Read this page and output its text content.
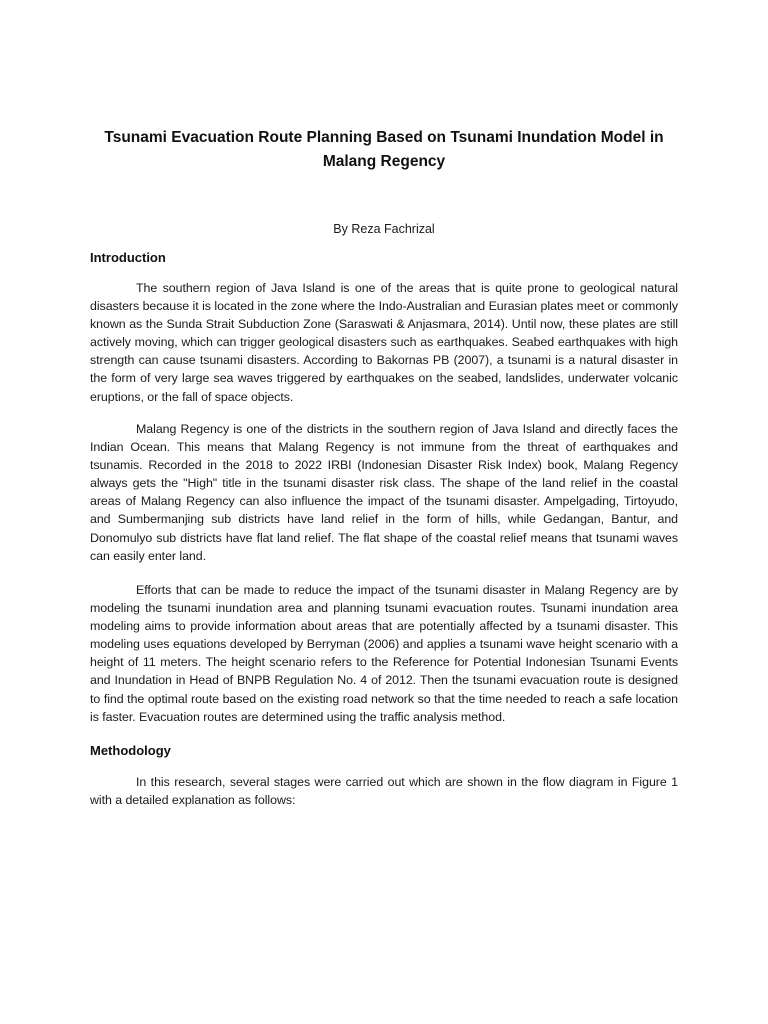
Tsunami Evacuation Route Planning Based on Tsunami Inundation Model in Malang Regency

By Reza Fachrizal

Introduction

The southern region of Java Island is one of the areas that is quite prone to geological natural disasters because it is located in the zone where the Indo-Australian and Eurasian plates meet or commonly known as the Sunda Strait Subduction Zone (Saraswati & Anjasmara, 2014). Until now, these plates are still actively moving, which can trigger geological disasters such as earthquakes. Seabed earthquakes with high strength can cause tsunami disasters. According to Bakornas PB (2007), a tsunami is a natural disaster in the form of very large sea waves triggered by earthquakes on the seabed, landslides, underwater volcanic eruptions, or the fall of space objects.

Malang Regency is one of the districts in the southern region of Java Island and directly faces the Indian Ocean. This means that Malang Regency is not immune from the threat of earthquakes and tsunamis. Recorded in the 2018 to 2022 IRBI (Indonesian Disaster Risk Index) book, Malang Regency always gets the "High" title in the tsunami disaster risk class. The shape of the land relief in the coastal areas of Malang Regency can also influence the impact of the tsunami disaster. Ampelgading, Tirtoyudo, and Sumbermanjing sub districts have land relief in the form of hills, while Gedangan, Bantur, and Donomulyo sub districts have flat land relief. The flat shape of the coastal relief means that tsunami waves can easily enter land.

Efforts that can be made to reduce the impact of the tsunami disaster in Malang Regency are by modeling the tsunami inundation area and planning tsunami evacuation routes. Tsunami inundation area modeling aims to provide information about areas that are potentially affected by a tsunami disaster. This modeling uses equations developed by Berryman (2006) and applies a tsunami wave height scenario with a height of 11 meters. The height scenario refers to the Reference for Potential Indonesian Tsunami Events and Inundation in Head of BNPB Regulation No. 4 of 2012. Then the tsunami evacuation route is designed to find the optimal route based on the existing road network so that the time needed to reach a safe location is faster. Evacuation routes are determined using the traffic analysis method.

Methodology

In this research, several stages were carried out which are shown in the flow diagram in Figure 1 with a detailed explanation as follows:
